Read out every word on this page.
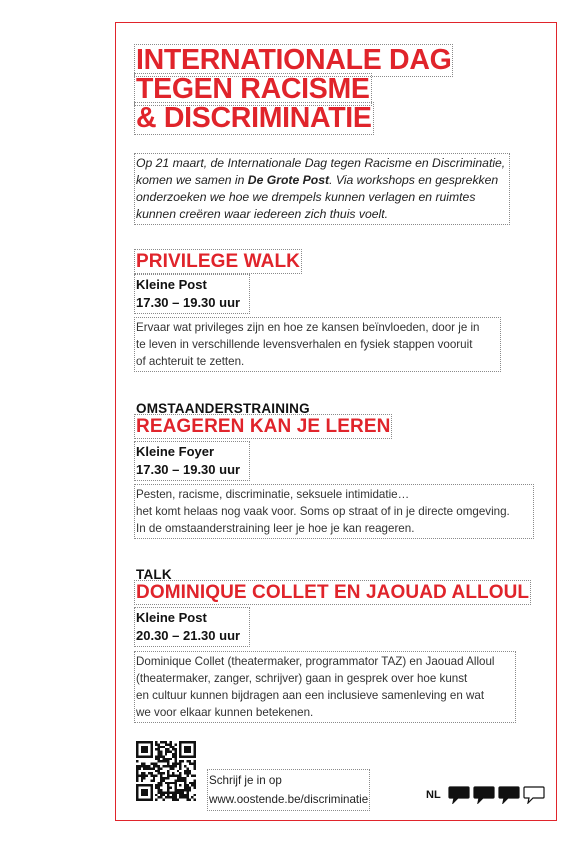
INTERNATIONALE DAG
TEGEN RACISME
& DISCRIMINATIE
Op 21 maart, de Internationale Dag tegen Racisme en Discriminatie, komen we samen in De Grote Post. Via workshops en gesprekken onderzoeken we hoe we drempels kunnen verlagen en ruimtes kunnen creëren waar iedereen zich thuis voelt.
PRIVILEGE WALK
Kleine Post
17.30 – 19.30 uur
Ervaar wat privileges zijn en hoe ze kansen beïnvloeden, door je in
te leven in verschillende levensverhalen en fysiek stappen vooruit
of achteruit te zetten.
OMSTAANDERSTRAINING
REAGEREN KAN JE LEREN
Kleine Foyer
17.30 – 19.30 uur
Pesten, racisme, discriminatie, seksuele intimidatie…
het komt helaas nog vaak voor. Soms op straat of in je directe omgeving.
In de omstaanderstraining leer je hoe je kan reageren.
TALK
DOMINIQUE COLLET EN JAOUAD ALLOUL
Kleine Post
20.30 – 21.30 uur
Dominique Collet (theatermaker, programmator TAZ) en Jaouad Alloul
(theatermaker, zanger, schrijver) gaan in gesprek over hoe kunst
en cultuur kunnen bijdragen aan een inclusieve samenleving en wat
we voor elkaar kunnen betekenen.
Schrijf je in op
www.oostende.be/discriminatie	NL
